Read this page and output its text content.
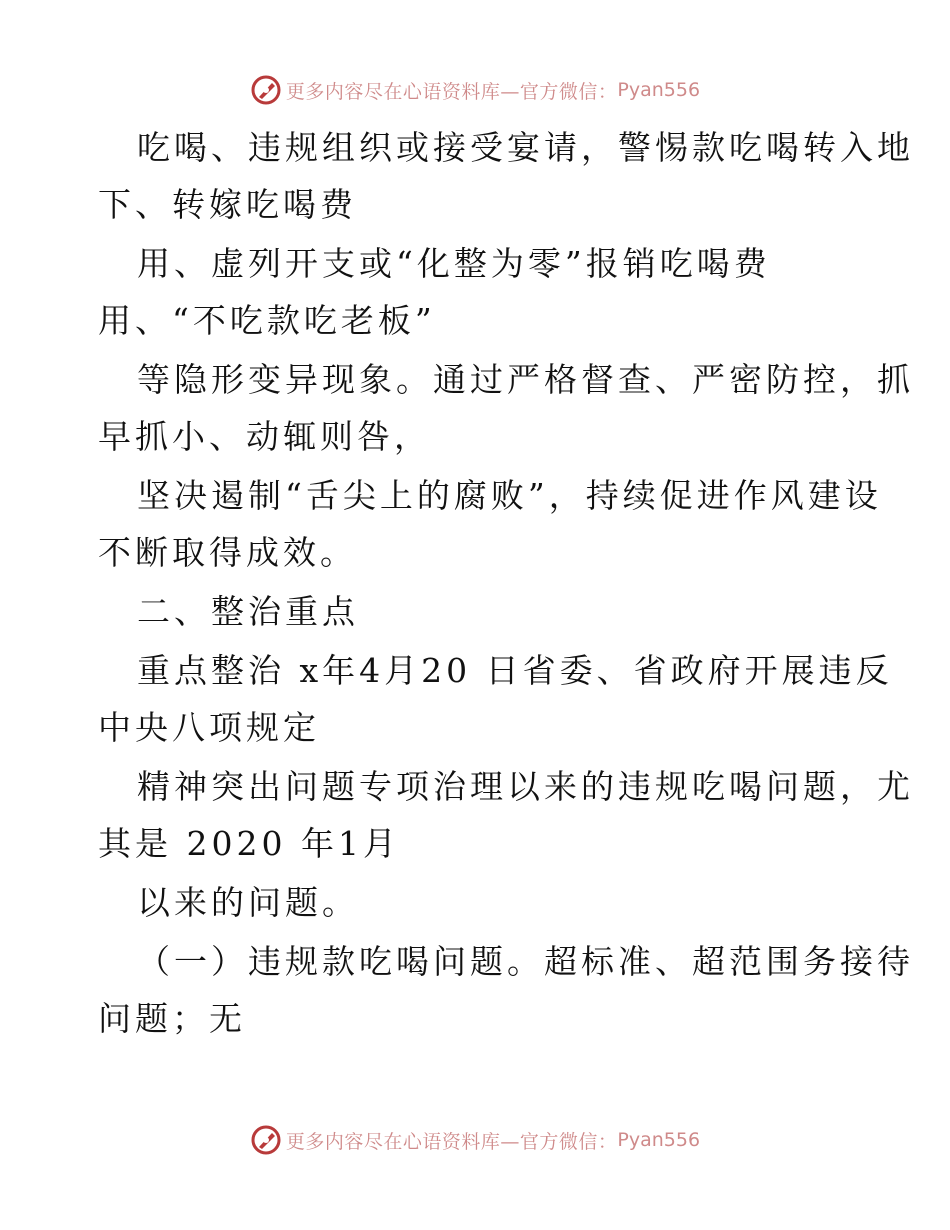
更多内容尽在心语资料库—官方微信： Pyan556
吃喝、违规组织或接受宴请，警惕款吃喝转入地
下、转嫁吃喝费
用、虚列开支或“化整为零”报销吃喝费
用、“不吃款吃老板”
等隐形变异现象。通过严格督查、严密防控，抓
早抓小、动辄则咎，
坚决遏制“舌尖上的腐败”，持续促进作风建设
不断取得成效。
二、整治重点
重点整治 x年4月20 日省委、省政府开展违反
中央八项规定
精神突出问题专项治理以来的违规吃喝问题，尤
其是 2020 年1月
以来的问题。
（一）违规款吃喝问题。超标准、超范围务接待
问题；无
更多内容尽在心语资料库—官方微信： Pyan556
